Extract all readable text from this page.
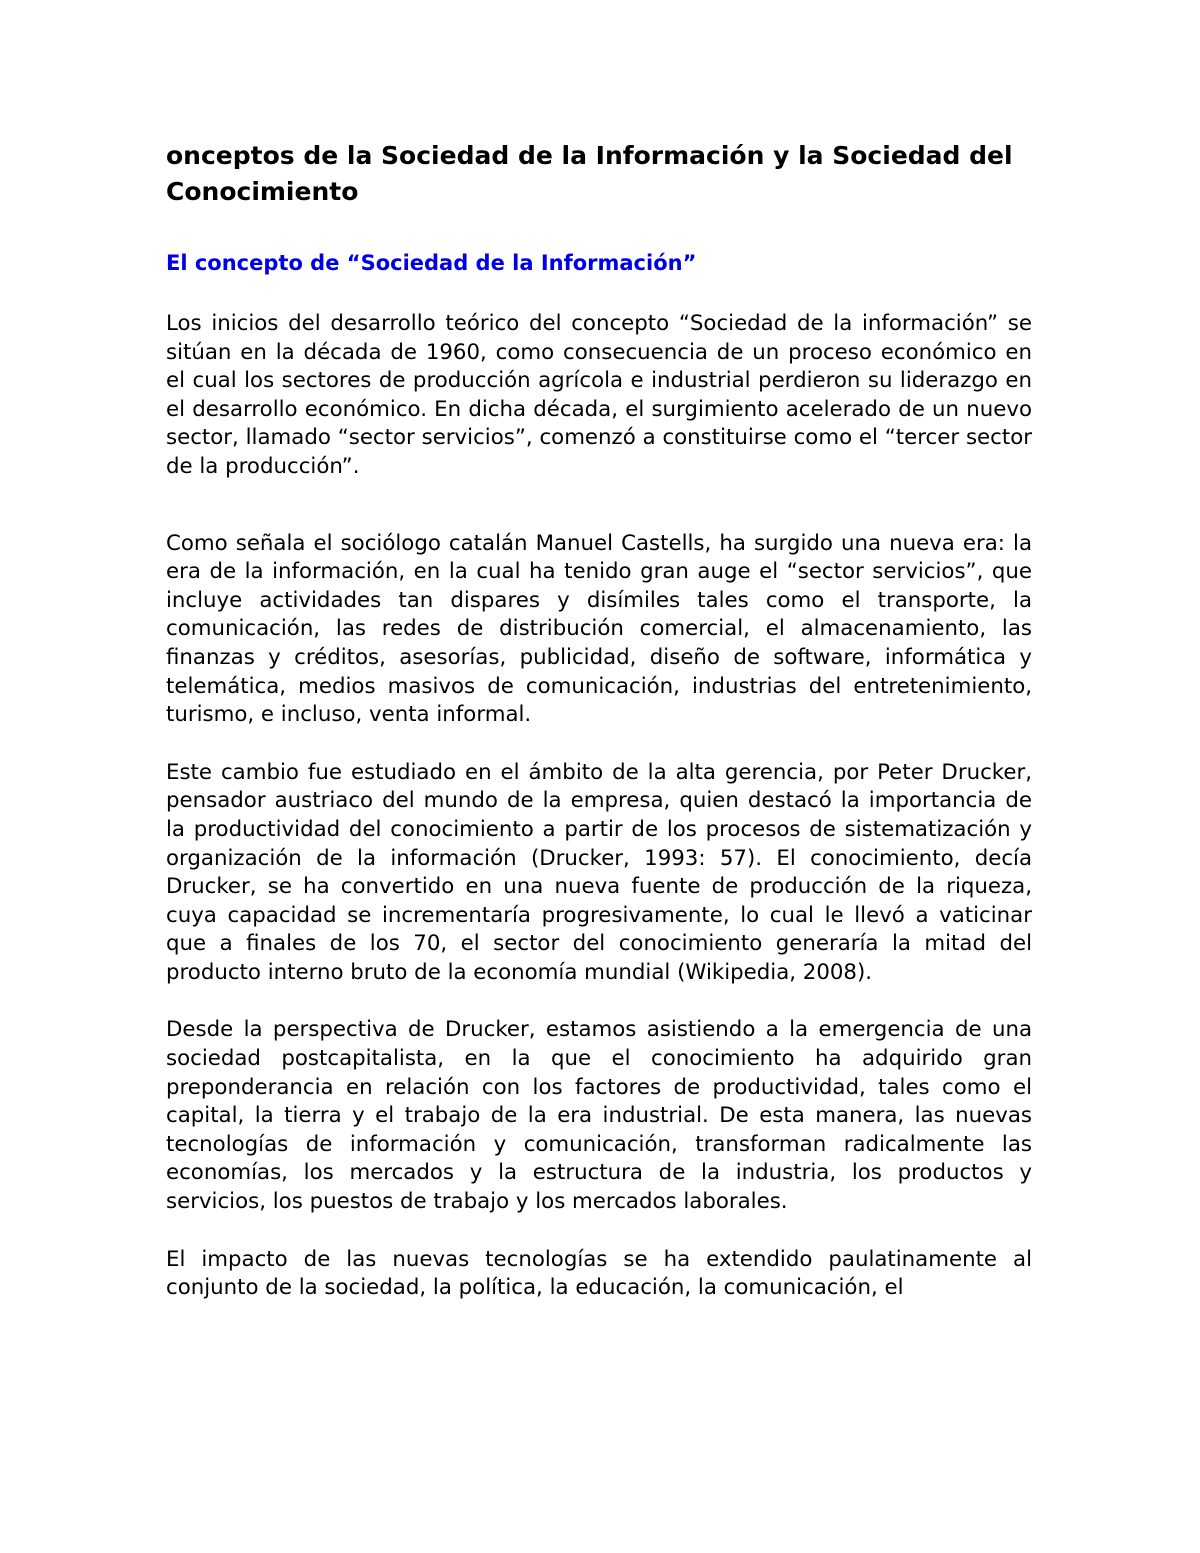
onceptos de la Sociedad de la Información y la Sociedad del Conocimiento
El concepto de “Sociedad de la Información”

Los inicios del desarrollo teórico del concepto “Sociedad de la información” se sitúan en la década de 1960, como consecuencia de un proceso económico en el cual los sectores de producción agrícola e industrial perdieron su liderazgo en el desarrollo económico. En dicha década, el surgimiento acelerado de un nuevo sector, llamado “sector servicios”, comenzó a constituirse como el “tercer sector de la producción”.

Como señala el sociólogo catalán Manuel Castells, ha surgido una nueva era: la era de la información, en la cual ha tenido gran auge el “sector servicios”, que incluye actividades tan dispares y disímiles tales como el transporte, la comunicación, las redes de distribución comercial, el almacenamiento, las finanzas y créditos, asesorías, publicidad, diseño de software, informática y telemática, medios masivos de comunicación, industrias del entretenimiento, turismo, e incluso, venta informal.

Este cambio fue estudiado en el ámbito de la alta gerencia, por Peter Drucker, pensador austriaco del mundo de la empresa, quien destacó la importancia de la productividad del conocimiento a partir de los procesos de sistematización y organización de la información (Drucker, 1993: 57). El conocimiento, decía Drucker, se ha convertido en una nueva fuente de producción de la riqueza, cuya capacidad se incrementaría progresivamente, lo cual le llevó a vaticinar que a finales de los 70, el sector del conocimiento generaría la mitad del producto interno bruto de la economía mundial (Wikipedia, 2008).

Desde la perspectiva de Drucker, estamos asistiendo a la emergencia de una sociedad postcapitalista, en la que el conocimiento ha adquirido gran preponderancia en relación con los factores de productividad, tales como el capital, la tierra y el trabajo de la era industrial. De esta manera, las nuevas tecnologías de información y comunicación, transforman radicalmente las economías, los mercados y la estructura de la industria, los productos y servicios, los puestos de trabajo y los mercados laborales.

El impacto de las nuevas tecnologías se ha extendido paulatinamente al conjunto de la sociedad, la política, la educación, la comunicación, el
